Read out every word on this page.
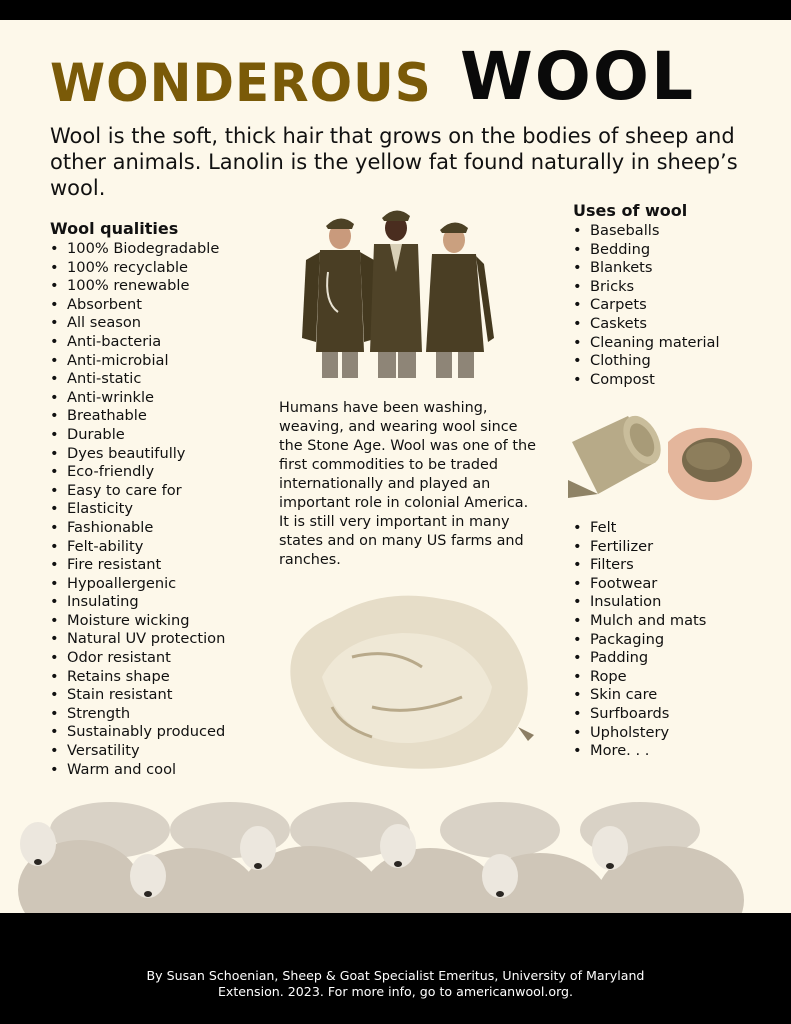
WONDEROUS WOOL
Wool is the soft, thick hair that grows on the bodies of sheep and other animals. Lanolin is the yellow fat found naturally in sheep’s wool.
Wool qualities
• 100% Biodegradable
• 100% recyclable
• 100% renewable
• Absorbent
• All season
• Anti-bacteria
• Anti-microbial
• Anti-static
• Anti-wrinkle
• Breathable
• Durable
• Dyes beautifully
• Eco-friendly
• Easy to care for
• Elasticity
• Fashionable
• Felt-ability
• Fire resistant
• Hypoallergenic
• Insulating
• Moisture wicking
• Natural UV protection
• Odor resistant
• Retains shape
• Stain resistant
• Strength
• Sustainably produced
• Versatility
• Warm and cool
Humans have been washing, weaving, and wearing wool since the Stone Age. Wool was one of the first commodities to be traded internationally and played an important role in colonial America. It is still very important in many states and on many US farms and ranches.
Uses of wool
• Baseballs
• Bedding
• Blankets
• Bricks
• Carpets
• Caskets
• Cleaning material
• Clothing
• Compost
• Felt
• Fertilizer
• Filters
• Footwear
• Insulation
• Mulch and mats
• Packaging
• Padding
• Rope
• Skin care
• Surfboards
• Upholstery
• More. . .
By Susan Schoenian, Sheep & Goat Specialist Emeritus, University of Maryland
Extension. 2023. For more info, go to americanwool.org.
